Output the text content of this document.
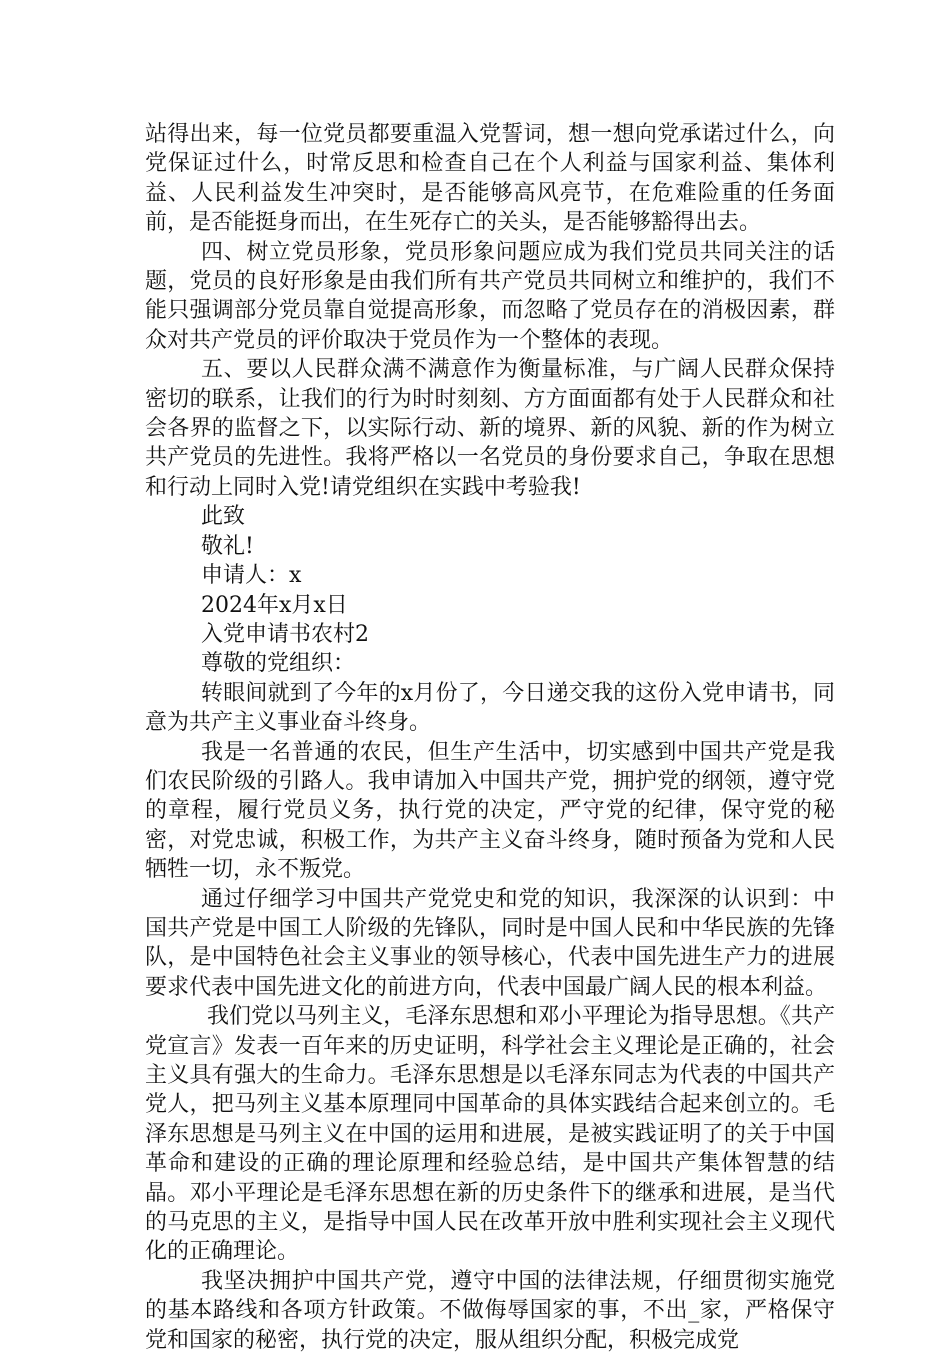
站得出来，每一位党员都要重温入党誓词，想一想向党承诺过什么，向党保证过什么，时常反思和检查自己在个人利益与国家利益、集体利益、人民利益发生冲突时，是否能够高风亮节，在危难险重的任务面前，是否能挺身而出，在生死存亡的关头，是否能够豁得出去。

四、树立党员形象，党员形象问题应成为我们党员共同关注的话题，党员的良好形象是由我们所有共产党员共同树立和维护的，我们不能只强调部分党员靠自觉提高形象，而忽略了党员存在的消极因素，群众对共产党员的评价取决于党员作为一个整体的表现。

五、要以人民群众满不满意作为衡量标准，与广阔人民群众保持密切的联系，让我们的行为时时刻刻、方方面面都有处于人民群众和社会各界的监督之下，以实际行动、新的境界、新的风貌、新的作为树立共产党员的先进性。我将严格以一名党员的身份要求自己，争取在思想和行动上同时入党!请党组织在实践中考验我!

此致

敬礼!

申请人：x

2024年x月x日

入党申请书农村2

尊敬的党组织：

转眼间就到了今年的x月份了，今日递交我的这份入党申请书，同意为共产主义事业奋斗终身。

我是一名普通的农民，但生产生活中，切实感到中国共产党是我们农民阶级的引路人。我申请加入中国共产党，拥护党的纲领，遵守党的章程，履行党员义务，执行党的决定，严守党的纪律，保守党的秘密，对党忠诚，积极工作，为共产主义奋斗终身，随时预备为党和人民牺牲一切，永不叛党。

通过仔细学习中国共产党党史和党的知识，我深深的认识到：中国共产党是中国工人阶级的先锋队，同时是中国人民和中华民族的先锋队，是中国特色社会主义事业的领导核心，代表中国先进生产力的进展要求代表中国先进文化的前进方向，代表中国最广阔人民的根本利益。

我们党以马列主义，毛泽东思想和邓小平理论为指导思想。《共产党宣言》发表一百年来的历史证明，科学社会主义理论是正确的，社会主义具有强大的生命力。毛泽东思想是以毛泽东同志为代表的中国共产党人，把马列主义基本原理同中国革命的具体实践结合起来创立的。毛泽东思想是马列主义在中国的运用和进展，是被实践证明了的关于中国革命和建设的正确的理论原理和经验总结，是中国共产集体智慧的结晶。邓小平理论是毛泽东思想在新的历史条件下的继承和进展，是当代的马克思的主义，是指导中国人民在改革开放中胜利实现社会主义现代化的正确理论。

我坚决拥护中国共产党，遵守中国的法律法规，仔细贯彻实施党的基本路线和各项方针政策。不做侮辱国家的事，不出_家，严格保守党和国家的秘密，执行党的决定，服从组织分配，积极完成党
